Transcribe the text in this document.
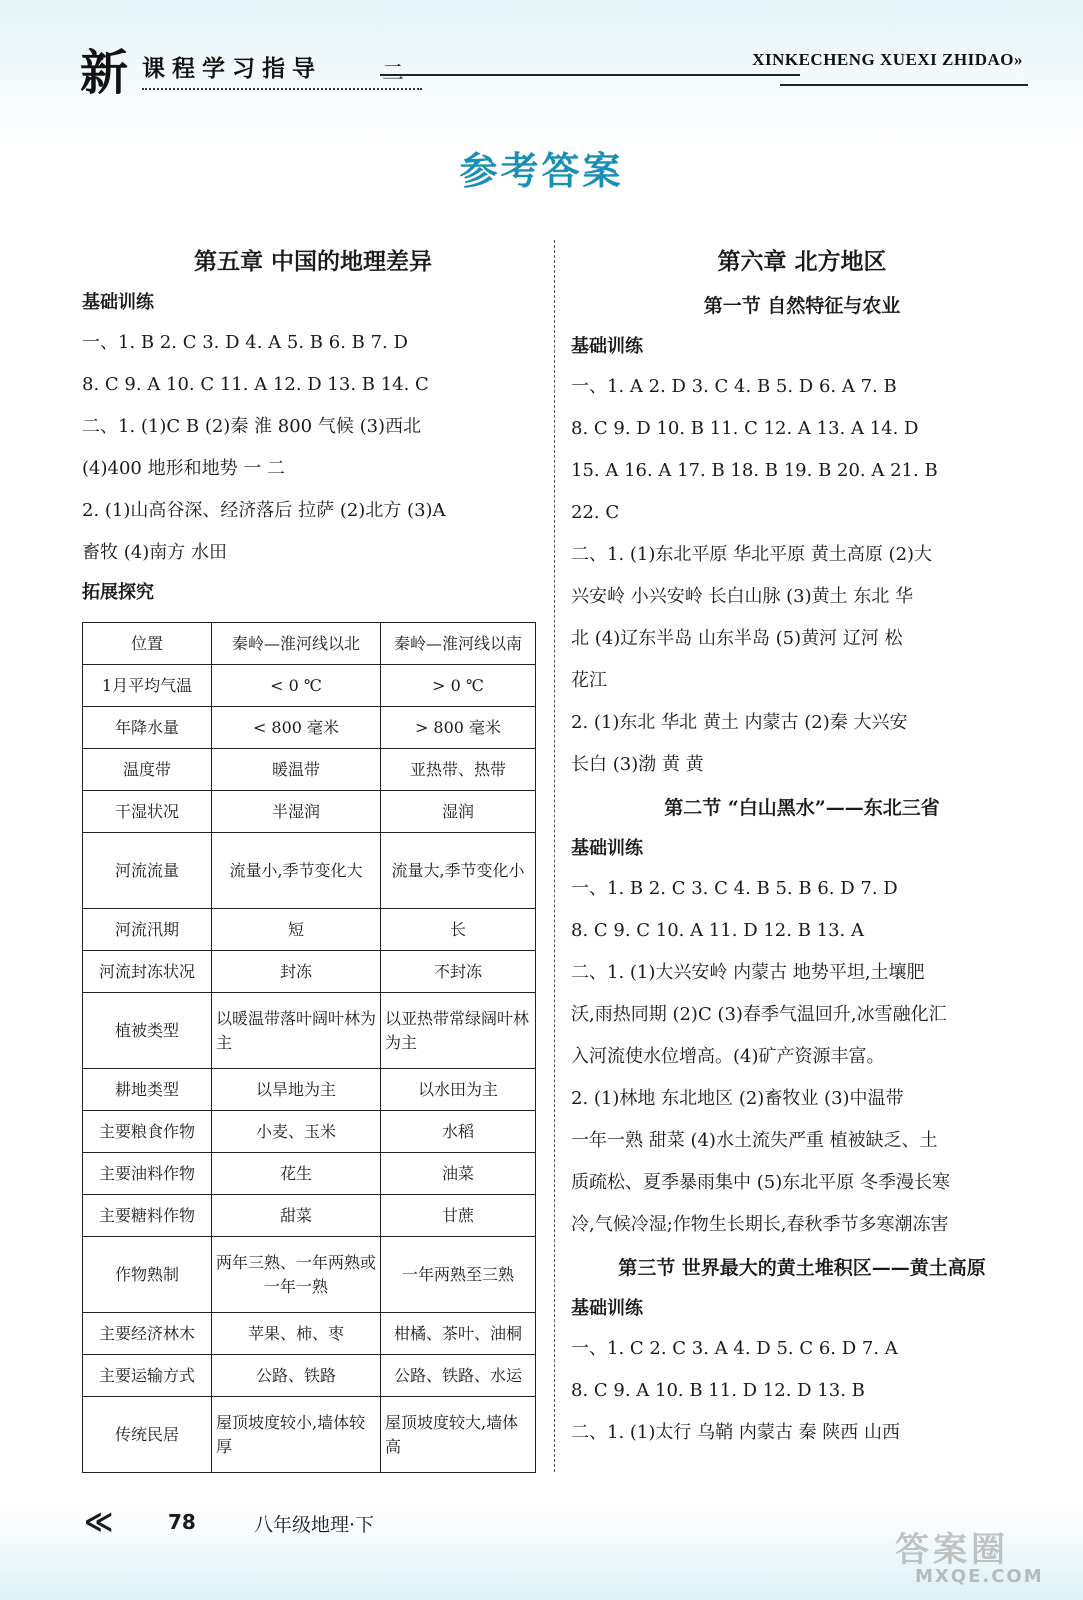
新 课程学习指导	二
XINKECHENG XUEXI ZHIDAO»
参考答案
第五章 中国的地理差异
基础训练
一、1. B 2. C 3. D 4. A 5. B 6. B 7. D
8. C 9. A 10. C 11. A 12. D 13. B 14. C
二、1. (1)C B (2)秦 淮 800 气候 (3)西北
(4)400 地形和地势 一 二
2. (1)山高谷深、经济落后 拉萨 (2)北方 (3)A
畜牧 (4)南方 水田
拓展探究
位置	秦岭—淮河线以北	秦岭—淮河线以南
1月平均气温	< 0 ℃	> 0 ℃
年降水量	< 800 毫米	> 800 毫米
温度带	暖温带	亚热带、热带
干湿状况	半湿润	湿润
河流流量	流量小,季节变化大	流量大,季节变化小
河流汛期	短	长
河流封冻状况	封冻	不封冻
植被类型	以暖温带落叶阔叶林为主	以亚热带常绿阔叶林为主
耕地类型	以旱地为主	以水田为主
主要粮食作物	小麦、玉米	水稻
主要油料作物	花生	油菜
主要糖料作物	甜菜	甘蔗
作物熟制	两年三熟、一年两熟或一年一熟	一年两熟至三熟
主要经济林木	苹果、柿、枣	柑橘、茶叶、油桐
主要运输方式	公路、铁路	公路、铁路、水运
传统民居	屋顶坡度较小,墙体较厚	屋顶坡度较大,墙体高
第六章 北方地区
第一节 自然特征与农业
基础训练
一、1. A 2. D 3. C 4. B 5. D 6. A 7. B
8. C 9. D 10. B 11. C 12. A 13. A 14. D
15. A 16. A 17. B 18. B 19. B 20. A 21. B
22. C
二、1. (1)东北平原 华北平原 黄土高原 (2)大
兴安岭 小兴安岭 长白山脉 (3)黄土 东北 华
北 (4)辽东半岛 山东半岛 (5)黄河 辽河 松
花江
2. (1)东北 华北 黄土 内蒙古 (2)秦 大兴安
长白 (3)渤 黄 黄
第二节 “白山黑水”——东北三省
基础训练
一、1. B 2. C 3. C 4. B 5. B 6. D 7. D
8. C 9. C 10. A 11. D 12. B 13. A
二、1. (1)大兴安岭 内蒙古 地势平坦,土壤肥
沃,雨热同期 (2)C (3)春季气温回升,冰雪融化汇
入河流使水位增高。(4)矿产资源丰富。
2. (1)林地 东北地区 (2)畜牧业 (3)中温带
一年一熟 甜菜 (4)水土流失严重 植被缺乏、土
质疏松、夏季暴雨集中 (5)东北平原 冬季漫长寒
冷,气候冷湿;作物生长期长,春秋季节多寒潮冻害
第三节 世界最大的黄土堆积区——黄土高原
基础训练
一、1. C 2. C 3. A 4. D 5. C 6. D 7. A
8. C 9. A 10. B 11. D 12. D 13. B
二、1. (1)太行 乌鞘 内蒙古 秦 陕西 山西
≪	78	八年级地理·下
答案圈
MXQE.COM
